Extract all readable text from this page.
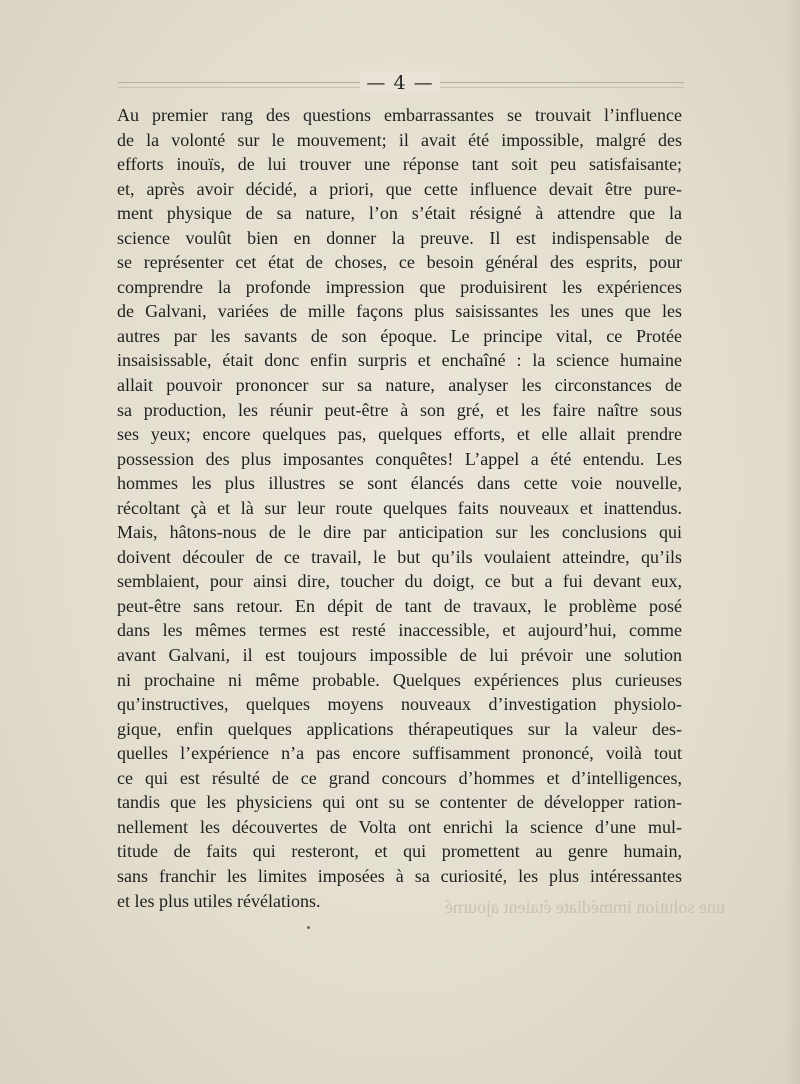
— 4 —
une solution immédiate étaient ajourné
Au premier rang des questions embarrassantes se trouvait l’influence
de la volonté sur le mouvement; il avait été impossible, malgré des
efforts inouïs, de lui trouver une réponse tant soit peu satisfaisante;
et, après avoir décidé, a priori, que cette influence devait être pure-
ment physique de sa nature, l’on s’était résigné à attendre que la
science voulût bien en donner la preuve. Il est indispensable de
se représenter cet état de choses, ce besoin général des esprits, pour
comprendre la profonde impression que produisirent les expériences
de Galvani, variées de mille façons plus saisissantes les unes que les
autres par les savants de son époque. Le principe vital, ce Protée
insaisissable, était donc enfin surpris et enchaîné : la science humaine
allait pouvoir prononcer sur sa nature, analyser les circonstances de
sa production, les réunir peut-être à son gré, et les faire naître sous
ses yeux; encore quelques pas, quelques efforts, et elle allait prendre
possession des plus imposantes conquêtes! L’appel a été entendu. Les
hommes les plus illustres se sont élancés dans cette voie nouvelle,
récoltant çà et là sur leur route quelques faits nouveaux et inattendus.
Mais, hâtons-nous de le dire par anticipation sur les conclusions qui
doivent découler de ce travail, le but qu’ils voulaient atteindre, qu’ils
semblaient, pour ainsi dire, toucher du doigt, ce but a fui devant eux,
peut-être sans retour. En dépit de tant de travaux, le problème posé
dans les mêmes termes est resté inaccessible, et aujourd’hui, comme
avant Galvani, il est toujours impossible de lui prévoir une solution
ni prochaine ni même probable. Quelques expériences plus curieuses
qu’instructives, quelques moyens nouveaux d’investigation physiolo-
gique, enfin quelques applications thérapeutiques sur la valeur des-
quelles l’expérience n’a pas encore suffisamment prononcé, voilà tout
ce qui est résulté de ce grand concours d’hommes et d’intelligences,
tandis que les physiciens qui ont su se contenter de développer ration-
nellement les découvertes de Volta ont enrichi la science d’une mul-
titude de faits qui resteront, et qui promettent au genre humain,
sans franchir les limites imposées à sa curiosité, les plus intéressantes
et les plus utiles révélations.
